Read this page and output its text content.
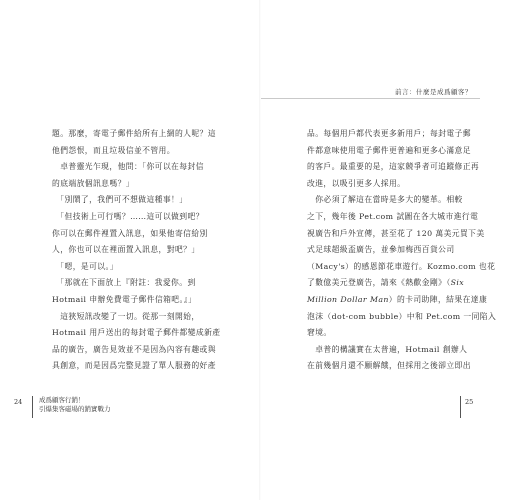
題。那麼，寄電子郵件給所有上網的人呢？這
他們怨恨，而且垃圾信並不管用。
　卓普靈光乍現，他問：「你可以在每封信
的底端放個訊息嗎？」
　「別鬧了，我們可不想做這種事！」
　「但技術上可行嗎？……這可以做到吧？
你可以在郵件裡置入訊息，如果他寄信給別
人，你也可以在裡面置入訊息，對吧？」
　「嗯，是可以。」
　「那就在下面放上『附註：我愛你。到
Hotmail 申辦免費電子郵件信箱吧。』」
　這狹短訊改變了一切。從那一刻開始，
Hotmail 用戶送出的每封電子郵件都變成新產
品的廣告，廣告見效並不是因為內容有趣或與
具創意，而是因爲完整見證了單人服務的好產
24	成爲顧客行銷！
引爆集客磁場的銷實戰力
前言：什麼是成爲顧客？
品。每個用戶都代表更多新用戶；每封電子郵
件都意味使用電子郵件更普遍和更多心滿意足
的客戶。最重要的是，這家競爭者可追蹤修正再
改進，以吸引更多人採用。
　你必須了解這在當時是多大的變革。相較
之下，幾年後 Pet.com 試圖在各大城市進行電
視廣告和戶外宣傳，甚至花了 120 萬美元買下美
式足球超級盃廣告，並參加梅西百貨公司
（Macy's）的感恩節花車遊行。Kozmo.com 也花
了數億美元登廣告，請來《熱歡金剛》（Six
Million Dollar Man）的卡司助陣，結果在達康
泡沫（dot-com bubble）中和 Pet.com 一同陷入
窘境。
　卓普的構議實在太普遍，Hotmail 創辦人
在前幾個月還不願解餓，但採用之後卻立即出
25
